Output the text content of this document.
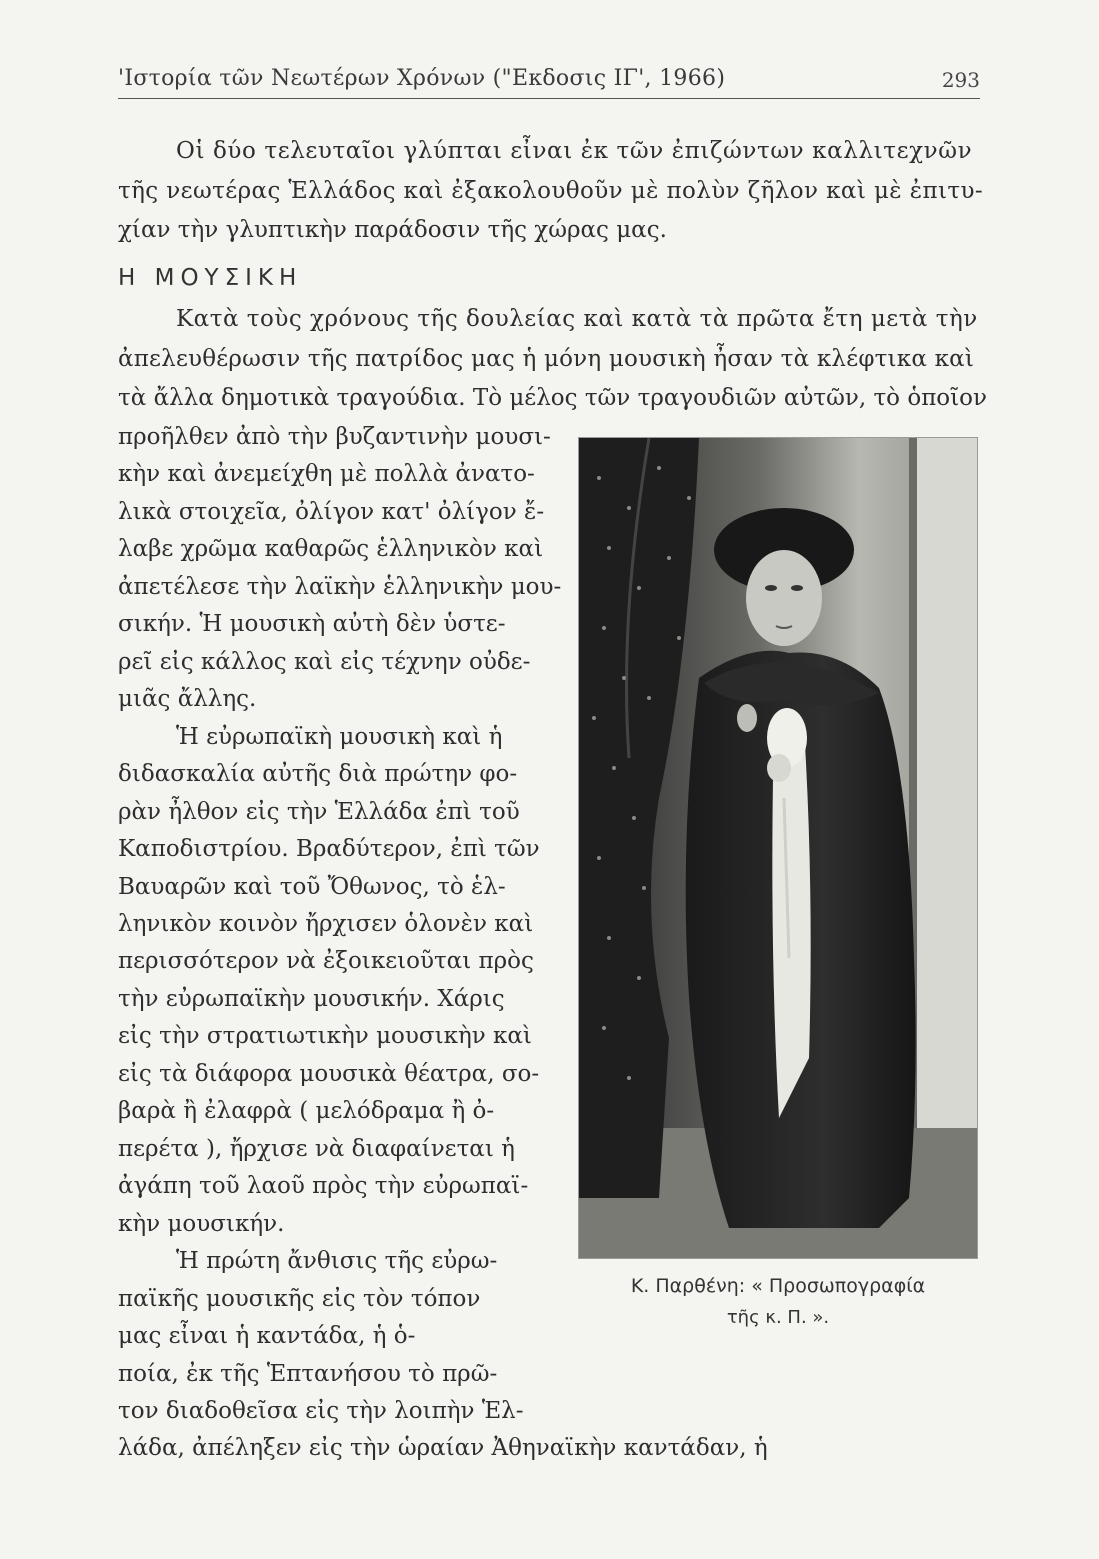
'Ιστορία τῶν Νεωτέρων Χρόνων ("Εκδοσις ΙΓ', 1966)	293
Οἱ δύο τελευταῖοι γλύπται εἶναι ἐκ τῶν ἐπιζώντων καλλιτεχνῶν
τῆς νεωτέρας Ἑλλάδος καὶ ἐξακολουθοῦν μὲ πολὺν ζῆλον καὶ μὲ ἐπιτυ-
χίαν τὴν γλυπτικὴν παράδοσιν τῆς χώρας μας.
Η ΜΟΥΣΙΚΗ
Κατὰ τοὺς χρόνους τῆς δουλείας καὶ κατὰ τὰ πρῶτα ἔτη μετὰ τὴν
ἀπελευθέρωσιν τῆς πατρίδος μας ἡ μόνη μουσικὴ ἦσαν τὰ κλέφτικα καὶ
τὰ ἄλλα δημοτικὰ τραγούδια. Τὸ μέλος τῶν τραγουδιῶν αὐτῶν, τὸ ὁποῖον
προῆλθεν ἀπὸ τὴν βυζαντινὴν μουσι-
κὴν καὶ ἀνεμείχθη μὲ πολλὰ ἀνατο-
λικὰ στοιχεῖα, ὀλίγον κατ' ὀλίγον ἔ-
λαβε χρῶμα καθαρῶς ἑλληνικὸν καὶ
ἀπετέλεσε τὴν λαϊκὴν ἑλληνικὴν μου-
σικήν. Ἡ μουσικὴ αὐτὴ δὲν ὑστε-
ρεῖ εἰς κάλλος καὶ εἰς τέχνην οὐδε-
μιᾶς ἄλλης.
Ἡ εὐρωπαϊκὴ μουσικὴ καὶ ἡ
διδασκαλία αὐτῆς διὰ πρώτην φο-
ρὰν ἦλθον εἰς τὴν Ἑλλάδα ἐπὶ τοῦ
Καποδιστρίου. Βραδύτερον, ἐπὶ τῶν
Βαυαρῶν καὶ τοῦ Ὄθωνος, τὸ ἑλ-
ληνικὸν κοινὸν ἤρχισεν ὁλονὲν καὶ
περισσότερον νὰ ἐξοικειοῦται πρὸς
τὴν εὐρωπαϊκὴν μουσικήν. Χάρις
εἰς τὴν στρατιωτικὴν μουσικὴν καὶ
εἰς τὰ διάφορα μουσικὰ θέατρα, σο-
βαρὰ ἢ ἐλαφρὰ ( μελόδραμα ἢ ὀ-
περέτα ), ἤρχισε νὰ διαφαίνεται ἡ
ἀγάπη τοῦ λαοῦ πρὸς τὴν εὐρωπαϊ-
κὴν μουσικήν.
Ἡ πρώτη ἄνθισις τῆς εὐρω-
παϊκῆς μουσικῆς εἰς τὸν τόπον
μας εἶναι ἡ καντάδα, ἡ ὁ-
ποία, ἐκ τῆς Ἑπτανήσου τὸ πρῶ-
τον διαδοθεῖσα εἰς τὴν λοιπὴν Ἑλ-
Κ. Παρθένη: « Προσωπογραφία
τῆς κ. Π. ».
λάδα, ἀπέληξεν εἰς τὴν ὡραίαν Ἀθηναϊκὴν καντάδαν, ἡ
